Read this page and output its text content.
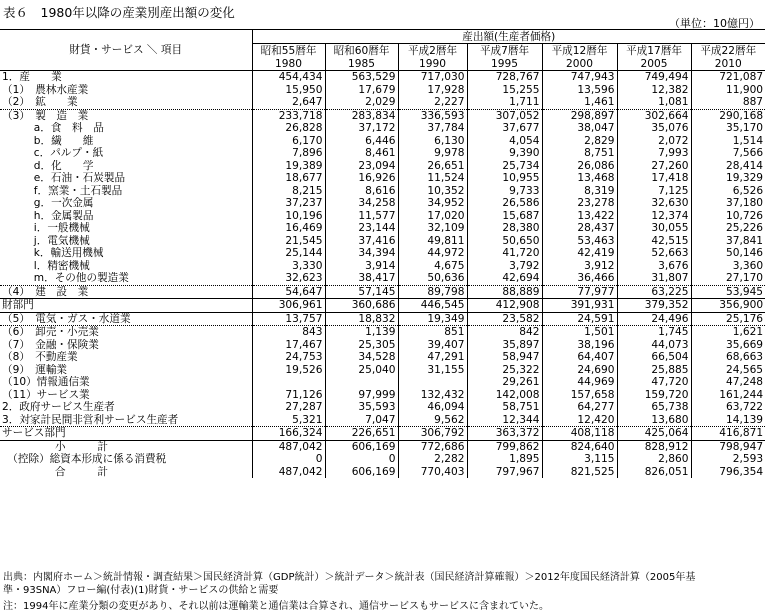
表６　1980年以降の産業別産出額の変化
（単位：10億円）
財貨・サービス ＼ 項目	産出額(生産者価格)						
	昭和55暦年	昭和60暦年	平成2暦年	平成7暦年	平成12暦年	平成17暦年	平成22暦年
	1980	1985	1990	1995	2000	2005	2010
1．産　　業	454,434	563,529	717,030	728,767	747,943	749,494	721,087
（1）　農林水産業	15,950	17,679	17,928	15,255	13,596	12,382	11,900
（2）　鉱　　業	2,647	2,029	2,227	1,711	1,461	1,081	887
（3）　製　造　業	233,718	283,834	336,593	307,052	298,897	302,664	290,168
　　　a．食　料　品	26,828	37,172	37,784	37,677	38,047	35,076	35,170
　　　b．繊　　維	6,170	6,446	6,130	4,054	2,829	2,072	1,514
　　　c．パルプ・紙	7,896	8,461	9,978	9,390	8,751	7,993	7,566
　　　d．化　　学	19,389	23,094	26,651	25,734	26,086	27,260	28,414
　　　e．石油・石炭製品	18,677	16,926	11,524	10,955	13,468	17,418	19,329
　　　f．窯業・土石製品	8,215	8,616	10,352	9,733	8,319	7,125	6,526
　　　g．一次金属	37,237	34,258	34,952	26,586	23,278	32,630	37,180
　　　h．金属製品	10,196	11,577	17,020	15,687	13,422	12,374	10,726
　　　i．一般機械	16,469	23,144	32,109	28,380	28,437	30,055	25,226
　　　j．電気機械	21,545	37,416	49,811	50,650	53,463	42,515	37,841
　　　k．輸送用機械	25,144	34,394	44,972	41,720	42,419	52,663	50,146
　　　l．精密機械	3,330	3,914	4,675	3,792	3,912	3,676	3,360
　　　m．その他の製造業	32,623	38,417	50,636	42,694	36,466	31,807	27,170
（4）　建　設　業	54,647	57,145	89,798	88,889	77,977	63,225	53,945
財部門	306,961	360,686	446,545	412,908	391,931	379,352	356,900
（5）　電気・ガス・水道業	13,757	18,832	19,349	23,582	24,591	24,496	25,176
（6）　卸売・小売業	843	1,139	851	842	1,501	1,745	1,621
（7）　金融・保険業	17,467	25,305	39,407	35,897	38,196	44,073	35,669
（8）　不動産業	24,753	34,528	47,291	58,947	64,407	66,504	68,663
（9）　運輸業	19,526	25,040	31,155	25,322	24,690	25,885	24,565
（10）情報通信業				29,261	44,969	47,720	47,248
（11）サービス業	71,126	97,999	132,432	142,008	157,658	159,720	161,244
2．政府サービス生産者	27,287	35,593	46,094	58,751	64,277	65,738	63,722
3．対家計民間非営利サービス生産者	5,321	7,047	9,562	12,344	12,420	13,680	14,139
サービス部門	166,324	226,651	306,792	363,372	408,118	425,064	416,871
　　　　　小　　　計	487,042	606,169	772,686	799,862	824,640	828,912	798,947
　（控除）総資本形成に係る消費税	0	0	2,282	1,895	3,115	2,860	2,593
　　　　　合　　　計	487,042	606,169	770,403	797,967	821,525	826,051	796,354
出典：内閣府ホーム＞統計情報・調査結果＞国民経済計算（GDP統計）＞統計データ＞統計表（国民経済計算確報）＞2012年度国民経済計算（2005年基
準・93SNA）フロー編(付表)(1)財貨・サービスの供給と需要
注：1994年に産業分類の変更があり、それ以前は運輸業と通信業は合算され、通信サービスもサービスに含まれていた。
